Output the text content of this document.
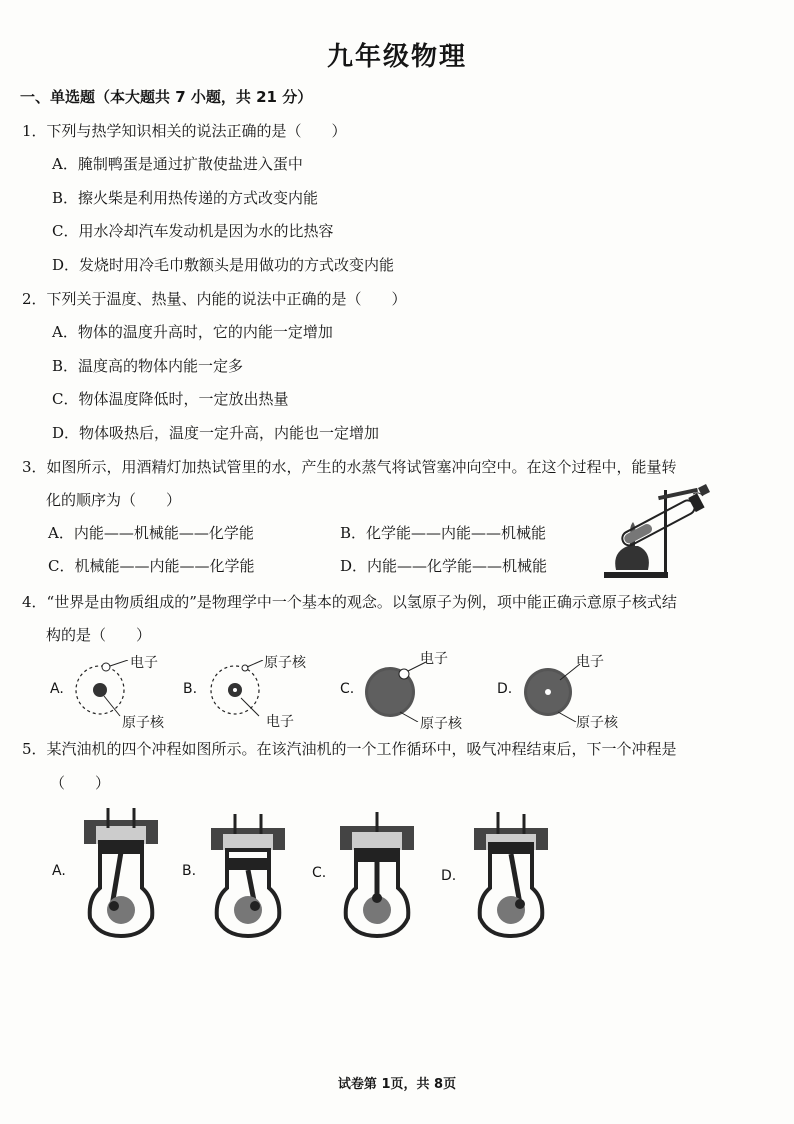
九年级物理
一、单选题（本大题共 7 小题，共 21 分）
1．下列与热学知识相关的说法正确的是（　　）
A．腌制鸭蛋是通过扩散使盐进入蛋中
B．擦火柴是利用热传递的方式改变内能
C．用水冷却汽车发动机是因为水的比热容
D．发烧时用冷毛巾敷额头是用做功的方式改变内能
2．下列关于温度、热量、内能的说法中正确的是（　　）
A．物体的温度升高时，它的内能一定增加
B．温度高的物体内能一定多
C．物体温度降低时，一定放出热量
D．物体吸热后，温度一定升高，内能也一定增加
3．如图所示，用酒精灯加热试管里的水，产生的水蒸气将试管塞冲向空中。在这个过程中，能量转
化的顺序为（　　）
A．内能——机械能——化学能	B．化学能——内能——机械能
C．机械能——内能——化学能	D．内能——化学能——机械能
4．“世界是由物质组成的”是物理学中一个基本的观念。以氢原子为例，项中能正确示意原子核式结
构的是（　　）
A.
电子
原子核
B.
原子核
电子
C.
电子
原子核
D.
电子
原子核
5．某汽油机的四个冲程如图所示。在该汽油机的一个工作循环中，吸气冲程结束后，下一个冲程是
（　　）
A.	B.	C.	D.
试卷第 1页，共 8页
